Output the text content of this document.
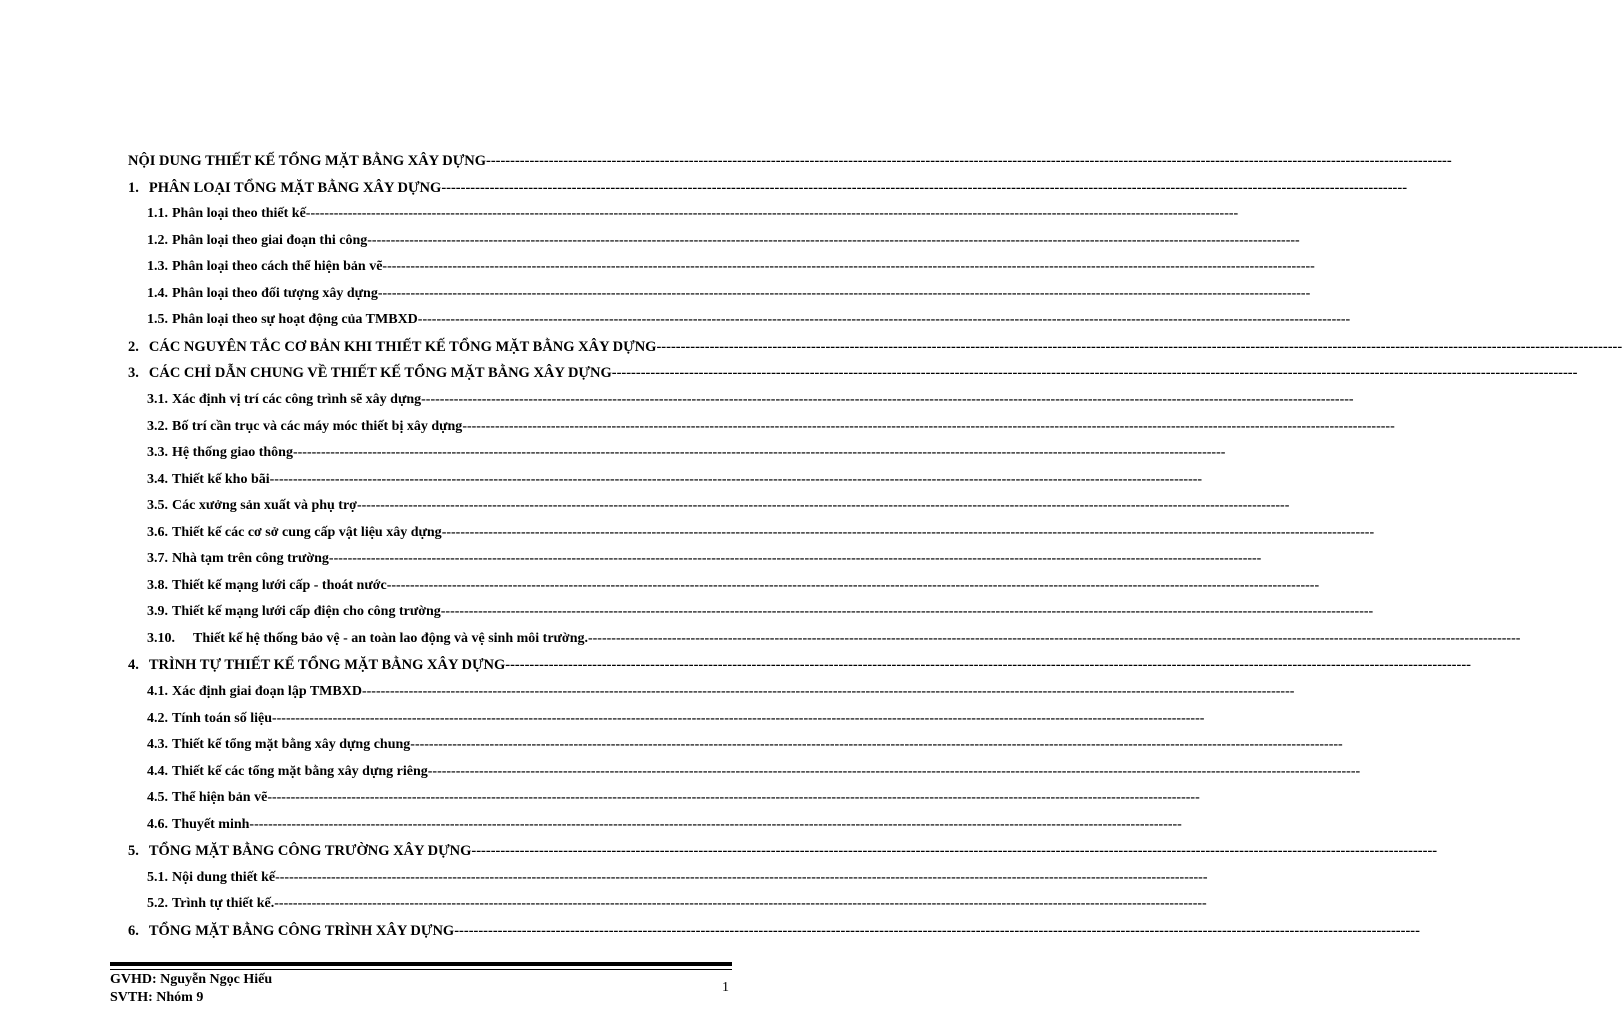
NỘI DUNG THIẾT KẾ TỔNG MẶT BẰNG XÂY DỰNG --------------------------------------------------------------------------------------------------------------------------------------------------------------------------------------------------------
1. PHÂN LOẠI TỔNG MẶT BẰNG XÂY DỰNG --------------------------------------------------------------------------------------------------------------------------------------------------------------------------------------------------------
1.1. Phân loại theo thiết kế --------------------------------------------------------------------------------------------------------------------------------------------------------------------------------------------------------
1.2. Phân loại theo giai đoạn thi công --------------------------------------------------------------------------------------------------------------------------------------------------------------------------------------------------------
1.3. Phân loại theo cách thể hiện bản vẽ --------------------------------------------------------------------------------------------------------------------------------------------------------------------------------------------------------
1.4. Phân loại theo đối tượng xây dựng --------------------------------------------------------------------------------------------------------------------------------------------------------------------------------------------------------
1.5. Phân loại theo sự hoạt động của TMBXD --------------------------------------------------------------------------------------------------------------------------------------------------------------------------------------------------------
2. CÁC NGUYÊN TẮC CƠ BẢN KHI THIẾT KẾ TỔNG MẶT BẰNG XÂY DỰNG --------------------------------------------------------------------------------------------------------------------------------------------------------------------------------------------------------
3. CÁC CHỈ DẪN CHUNG VỀ THIẾT KẾ TỔNG MẶT BẰNG XÂY DỰNG --------------------------------------------------------------------------------------------------------------------------------------------------------------------------------------------------------
3.1. Xác định vị trí các công trình sẽ xây dựng --------------------------------------------------------------------------------------------------------------------------------------------------------------------------------------------------------
3.2. Bố trí cần trục và các máy móc thiết bị xây dựng --------------------------------------------------------------------------------------------------------------------------------------------------------------------------------------------------------
3.3. Hệ thống giao thông --------------------------------------------------------------------------------------------------------------------------------------------------------------------------------------------------------
3.4. Thiết kế kho bãi --------------------------------------------------------------------------------------------------------------------------------------------------------------------------------------------------------
3.5. Các xưởng sản xuất và phụ trợ --------------------------------------------------------------------------------------------------------------------------------------------------------------------------------------------------------
3.6. Thiết kế các cơ sở cung cấp vật liệu xây dựng --------------------------------------------------------------------------------------------------------------------------------------------------------------------------------------------------------
3.7. Nhà tạm trên công trường --------------------------------------------------------------------------------------------------------------------------------------------------------------------------------------------------------
3.8. Thiết kế mạng lưới cấp - thoát nước --------------------------------------------------------------------------------------------------------------------------------------------------------------------------------------------------------
3.9. Thiết kế mạng lưới cấp điện cho công trường --------------------------------------------------------------------------------------------------------------------------------------------------------------------------------------------------------
3.10. Thiết kế hệ thống bảo vệ - an toàn lao động và vệ sinh môi trường. --------------------------------------------------------------------------------------------------------------------------------------------------------------------------------------------------------
4. TRÌNH TỰ THIẾT KẾ TỔNG MẶT BẰNG XÂY DỰNG --------------------------------------------------------------------------------------------------------------------------------------------------------------------------------------------------------
4.1. Xác định giai đoạn lập TMBXD --------------------------------------------------------------------------------------------------------------------------------------------------------------------------------------------------------
4.2. Tính toán số liệu --------------------------------------------------------------------------------------------------------------------------------------------------------------------------------------------------------
4.3. Thiết kế tổng mặt bằng xây dựng chung --------------------------------------------------------------------------------------------------------------------------------------------------------------------------------------------------------
4.4. Thiết kế các tổng mặt bằng xây dựng riêng --------------------------------------------------------------------------------------------------------------------------------------------------------------------------------------------------------
4.5. Thể hiện bản vẽ --------------------------------------------------------------------------------------------------------------------------------------------------------------------------------------------------------
4.6. Thuyết minh --------------------------------------------------------------------------------------------------------------------------------------------------------------------------------------------------------
5. TỔNG MẶT BẰNG CÔNG TRƯỜNG XÂY DỰNG --------------------------------------------------------------------------------------------------------------------------------------------------------------------------------------------------------
5.1. Nội dung thiết kế --------------------------------------------------------------------------------------------------------------------------------------------------------------------------------------------------------
5.2. Trình tự thiết kế. --------------------------------------------------------------------------------------------------------------------------------------------------------------------------------------------------------
6. TỔNG MẶT BẰNG CÔNG TRÌNH XÂY DỰNG --------------------------------------------------------------------------------------------------------------------------------------------------------------------------------------------------------
GVHD: Nguyễn Ngọc Hiếu
SVTH: Nhóm 9
1
